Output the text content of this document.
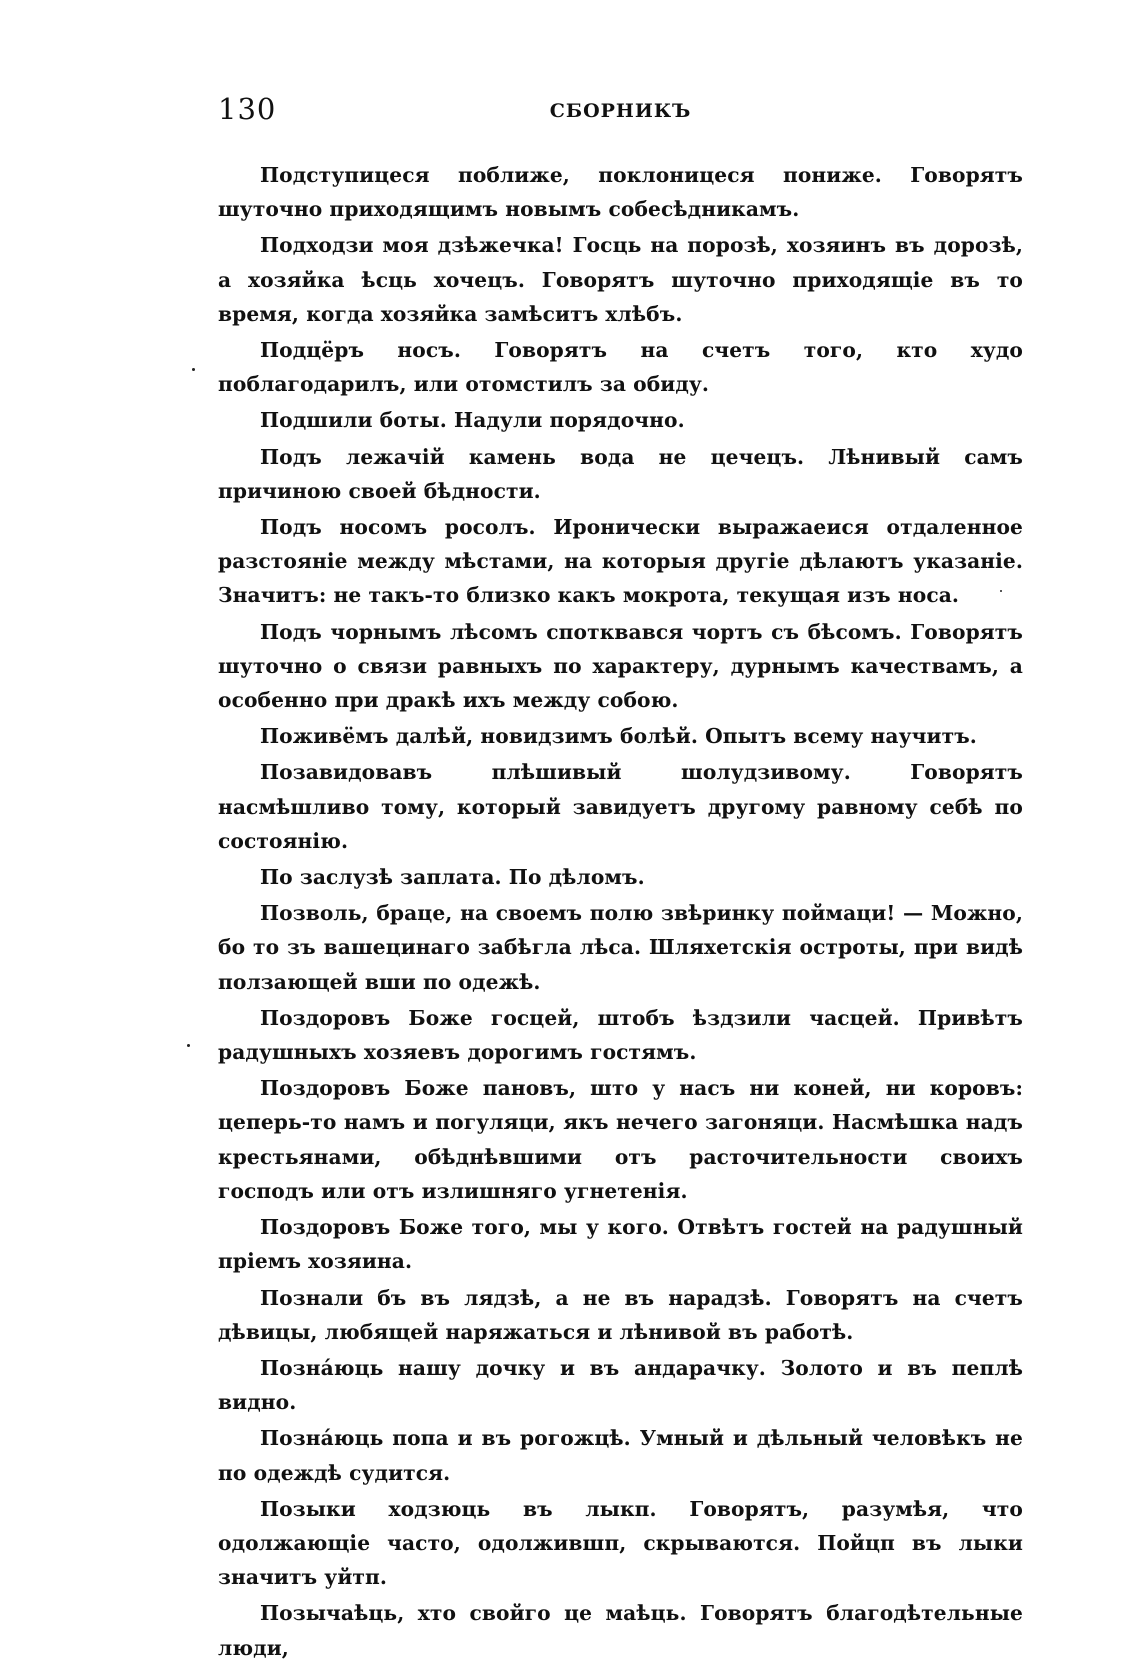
130	СБОРНИКЪ

Подступицеся поближе, поклоницеся пониже. Говорятъ шуточно приходящимъ новымъ собесѣдникамъ.

Подходзи моя дзѣжечка! Госць на порозѣ, хозяинъ въ дорозѣ, а хозяйка ѣсць хочецъ. Говорятъ шуточно приходящіе въ то время, когда хозяйка замѣситъ хлѣбъ.

Подцёръ носъ. Говорятъ на счетъ того, кто худо поблагодарилъ, или отомстилъ за обиду.

Подшили боты. Надули порядочно.

Подъ лежачій камень вода не цечецъ. Лѣнивый самъ причиною своей бѣдности.

Подъ носомъ росолъ. Иронически выражаеися отдаленное разстояніе между мѣстами, на которыя другіе дѣлаютъ указаніе. Значитъ: не такъ-то близко какъ мокрота, текущая изъ носа.

Подъ чорнымъ лѣсомъ спотквався чортъ съ бѣсомъ. Говорятъ шуточно о связи равныхъ по характеру, дурнымъ качествамъ, а особенно при дракѣ ихъ между собою.

Поживёмъ далѣй, новидзимъ болѣй. Опытъ всему научитъ.

Позавидовавъ плѣшивый шолудзивому. Говорятъ насмѣшливо тому, который завидуетъ другому равному себѣ по состоянію.

По заслузѣ заплата. По дѣломъ.

Позволь, браце, на своемъ полю звѣринку поймаци! — Можно, бо то зъ вашецинаго забѣгла лѣса. Шляхетскія остроты, при видѣ ползающей вши по одежѣ.

Поздоровъ Боже госцей, штобъ ѣздзили часцей. Привѣтъ радушныхъ хозяевъ дорогимъ гостямъ.

Поздоровъ Боже пановъ, што у насъ ни коней, ни коровъ: цеперь-то намъ и погуляци, якъ нечего загоняци. Насмѣшка надъ крестьянами, обѣднѣвшими отъ расточительности своихъ господъ или отъ излишняго угнетенія.

Поздоровъ Боже того, мы у кого. Отвѣтъ гостей на радушный пріемъ хозяина.

Познали бъ въ лядзѣ, а не въ нарадзѣ. Говорятъ на счетъ дѣвицы, любящей наряжаться и лѣнивой въ работѣ.

Познáюць нашу дочку и въ андарачку. Золото и въ пеплѣ видно.

Познáюць попа и въ рогожцѣ. Умный и дѣльный человѣкъ не по одеждѣ судится.

Позыки ходзюць въ лыкп. Говорятъ, разумѣя, что одолжающіе часто, одолжившп, скрываются. Пойцп въ лыки значитъ уйтп.

Позычаѣць, хто свойго це маѣць. Говорятъ благодѣтельные люди,
